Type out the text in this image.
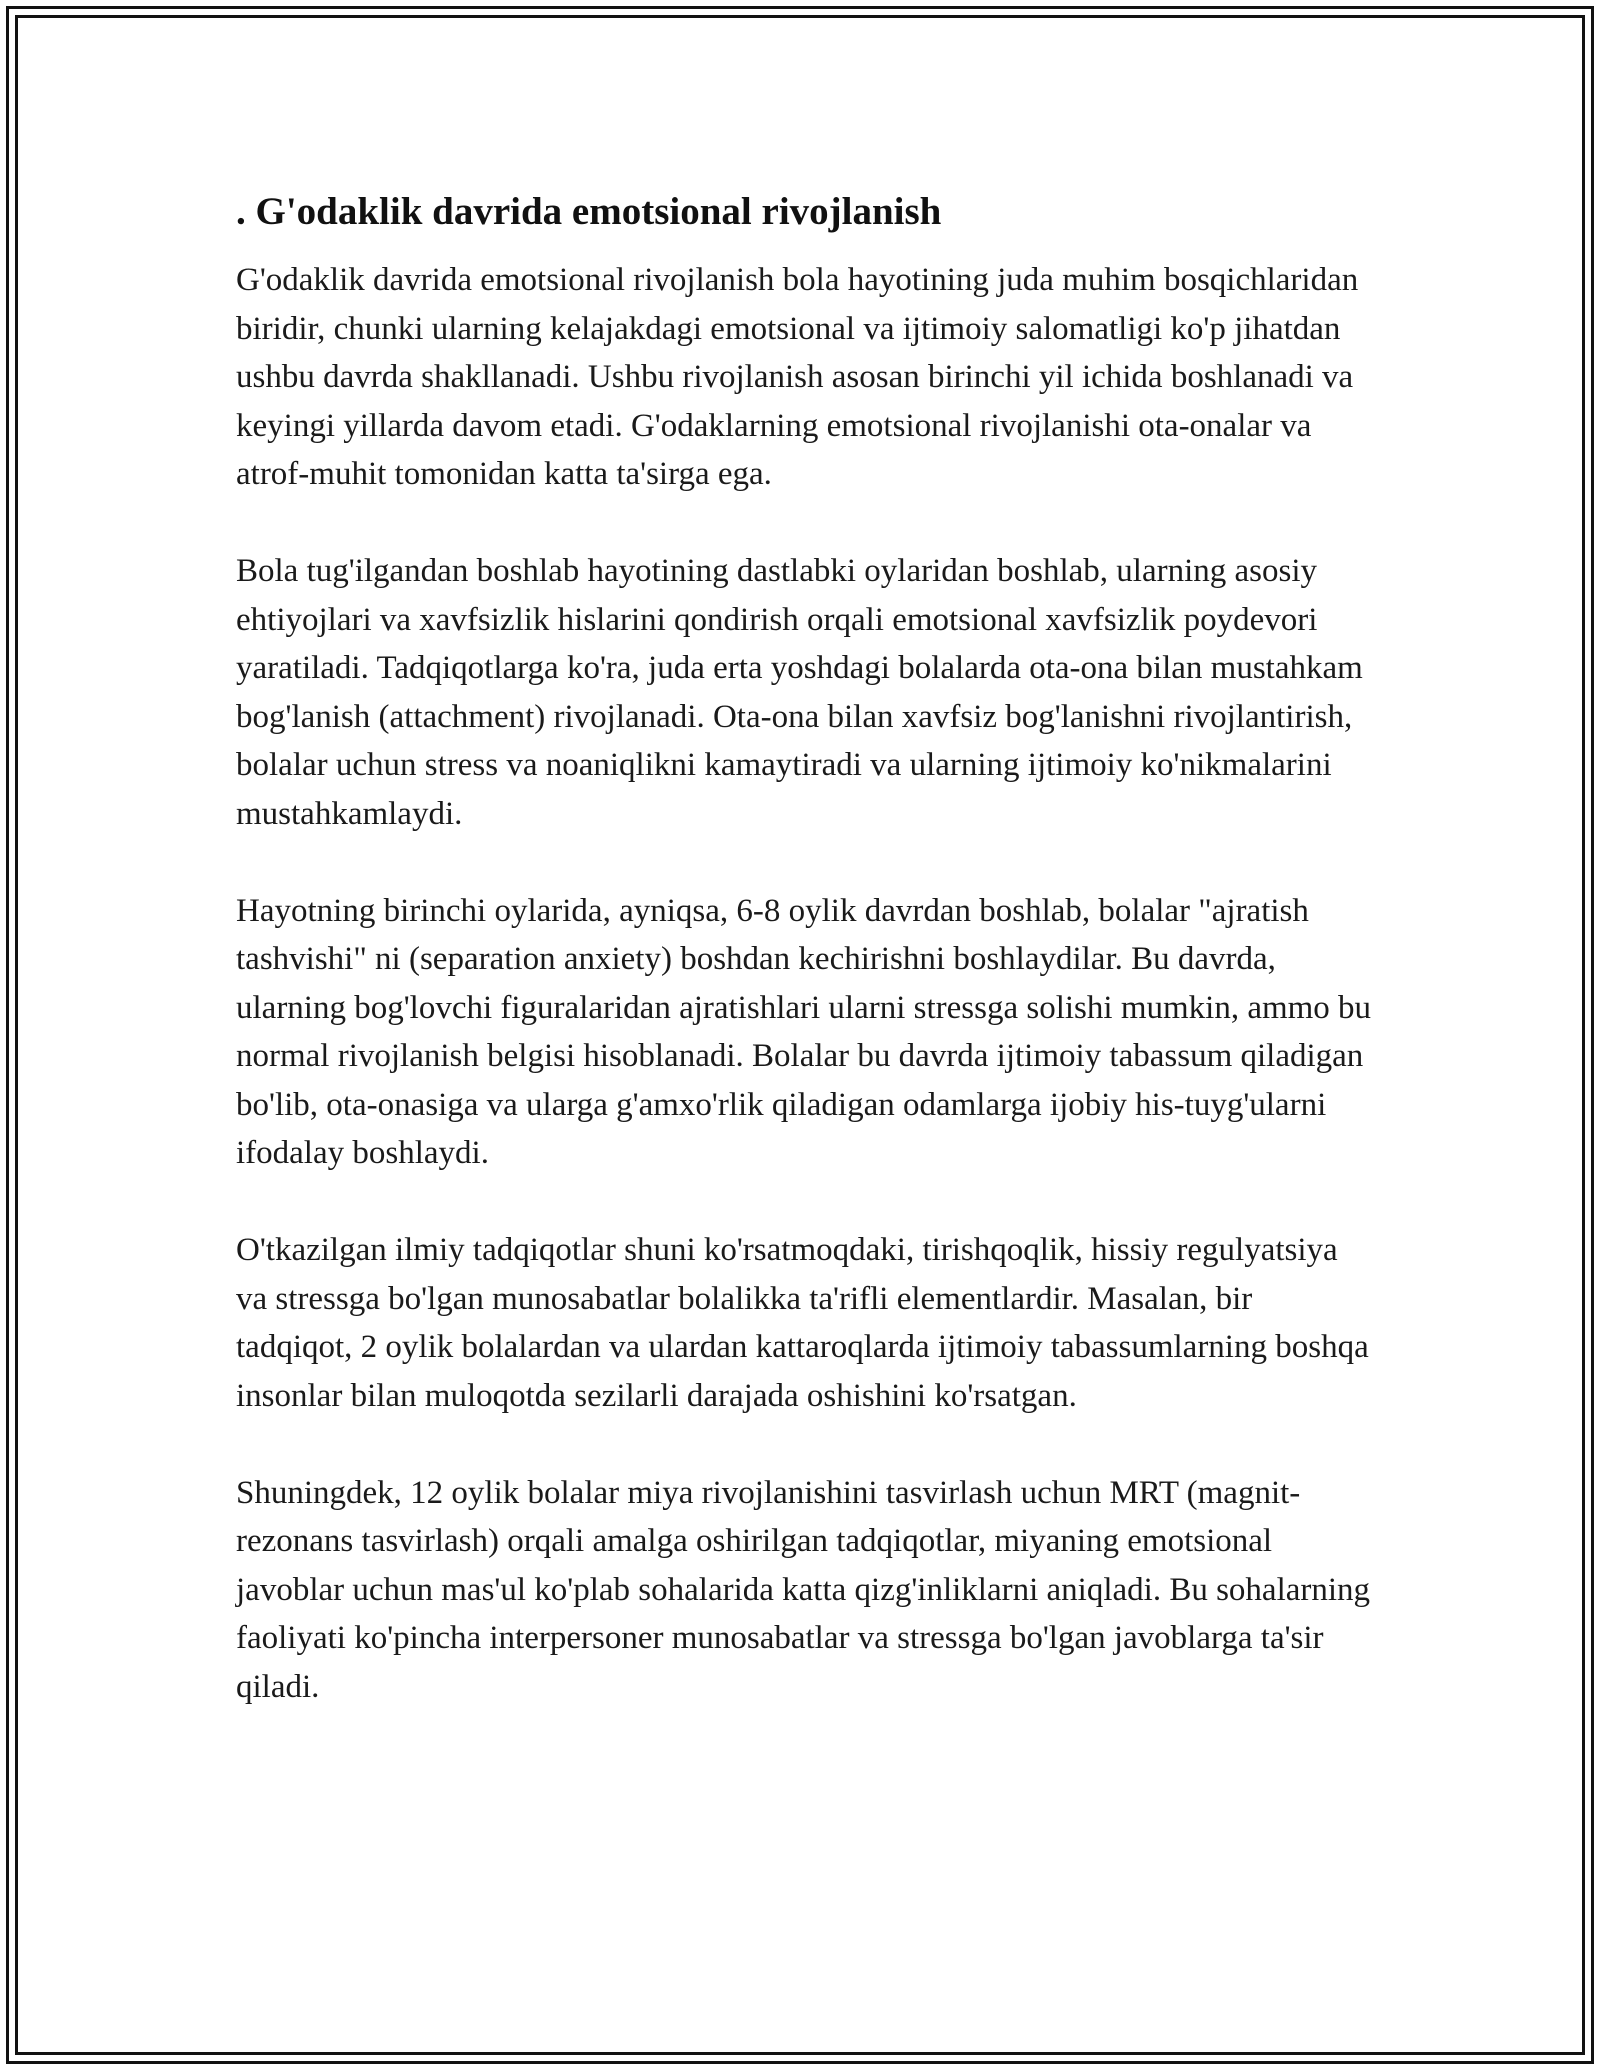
. G'odaklik davrida emotsional rivojlanish

G'odaklik davrida emotsional rivojlanish bola hayotining juda muhim bosqichlaridan biridir, chunki ularning kelajakdagi emotsional va ijtimoiy salomatligi ko'p jihatdan ushbu davrda shakllanadi. Ushbu rivojlanish asosan birinchi yil ichida boshlanadi va keyingi yillarda davom etadi. G'odaklarning emotsional rivojlanishi ota-onalar va atrof-muhit tomonidan katta ta'sirga ega.

Bola tug'ilgandan boshlab hayotining dastlabki oylaridan boshlab, ularning asosiy ehtiyojlari va xavfsizlik hislarini qondirish orqali emotsional xavfsizlik poydevori yaratiladi. Tadqiqotlarga ko'ra, juda erta yoshdagi bolalarda ota-ona bilan mustahkam bog'lanish (attachment) rivojlanadi. Ota-ona bilan xavfsiz bog'lanishni rivojlantirish, bolalar uchun stress va noaniqlikni kamaytiradi va ularning ijtimoiy ko'nikmalarini mustahkamlaydi.

Hayotning birinchi oylarida, ayniqsa, 6-8 oylik davrdan boshlab, bolalar "ajratish tashvishi" ni (separation anxiety) boshdan kechirishni boshlaydilar. Bu davrda, ularning bog'lovchi figuralaridan ajratishlari ularni stressga solishi mumkin, ammo bu normal rivojlanish belgisi hisoblanadi. Bolalar bu davrda ijtimoiy tabassum qiladigan bo'lib, ota-onasiga va ularga g'amxo'rlik qiladigan odamlarga ijobiy his-tuyg'ularni ifodalay boshlaydi.

O'tkazilgan ilmiy tadqiqotlar shuni ko'rsatmoqdaki, tirishqoqlik, hissiy regulyatsiya va stressga bo'lgan munosabatlar bolalikka ta'rifli elementlardir. Masalan, bir tadqiqot, 2 oylik bolalardan va ulardan kattaroqlarda ijtimoiy tabassumlarning boshqa insonlar bilan muloqotda sezilarli darajada oshishini ko'rsatgan.

Shuningdek, 12 oylik bolalar miya rivojlanishini tasvirlash uchun MRT (magnit-rezonans tasvirlash) orqali amalga oshirilgan tadqiqotlar, miyaning emotsional javoblar uchun mas'ul ko'plab sohalarida katta qizg'inliklarni aniqladi. Bu sohalarning faoliyati ko'pincha interpersoner munosabatlar va stressga bo'lgan javoblarga ta'sir qiladi.
